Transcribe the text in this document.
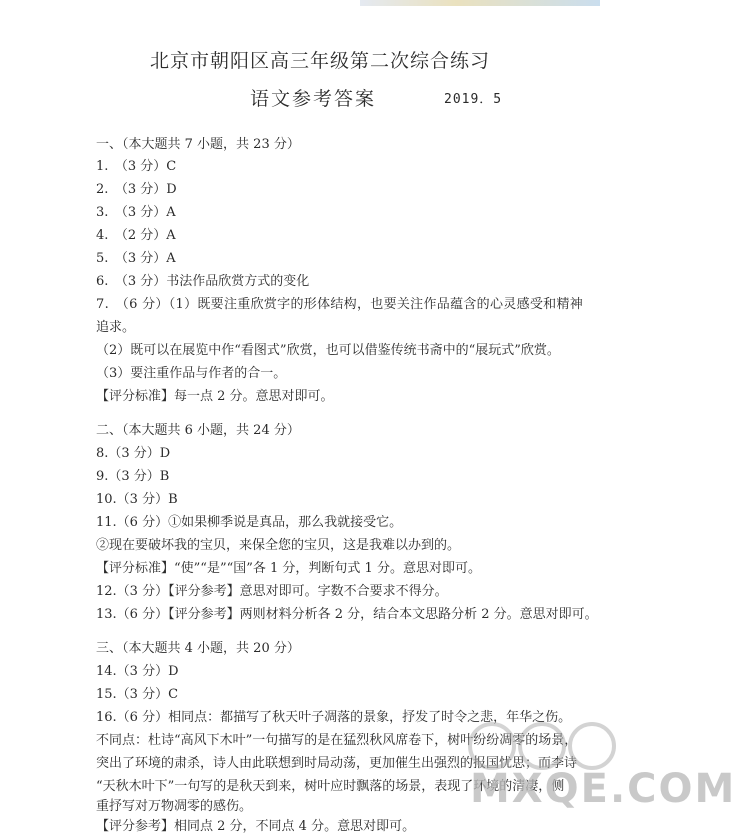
北京市朝阳区高三年级第二次综合练习
语文参考答案	2019．5
一、（本大题共 7 小题，共 23 分）
1.　（3 分）C
2.　（3 分）D
3.　（3 分）A
4.　（2 分）A
5.　（3 分）A
6.　（3 分）书法作品欣赏方式的变化
7.　（6 分）（1）既要注重欣赏字的形体结构，也要关注作品蕴含的心灵感受和精神
追求。
（2）既可以在展览中作“看图式”欣赏，也可以借鉴传统书斋中的“展玩式”欣赏。
（3）要注重作品与作者的合一。
【评分标准】每一点 2 分。意思对即可。
二、（本大题共 6 小题，共 24 分）
8.（3 分）D
9.（3 分）B
10.（3 分）B
11.（6 分）①如果柳季说是真品，那么我就接受它。
②现在要破坏我的宝贝，来保全您的宝贝，这是我难以办到的。
【评分标准】“使”“是”“国”各 1 分，判断句式 1 分。意思对即可。
12.（3 分）【评分参考】意思对即可。字数不合要求不得分。
13.（6 分）【评分参考】两则材料分析各 2 分，结合本文思路分析 2 分。意思对即可。
三、（本大题共 4 小题，共 20 分）
14.（3 分）D
15.（3 分）C
16.（6 分）相同点：都描写了秋天叶子凋落的景象，抒发了时令之悲，年华之伤。
不同点：杜诗“高风下木叶”一句描写的是在猛烈秋风席卷下，树叶纷纷凋零的场景，
突出了环境的肃杀，诗人由此联想到时局动荡，更加催生出强烈的报国忧思；而李诗
“天秋木叶下”一句写的是秋天到来，树叶应时飘落的场景，表现了环境的清凄，侧
重抒写对万物凋零的感伤。
【评分参考】相同点 2 分，不同点 4 分。意思对即可。
MXQE.COM
